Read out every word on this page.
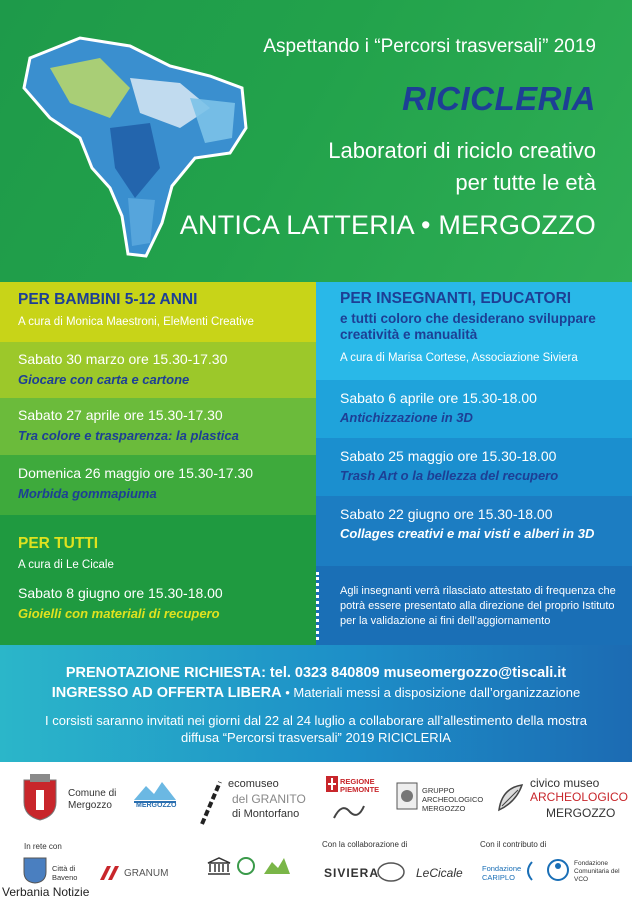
Aspettando i “Percorsi trasversali” 2019
RICICLERIA
Laboratori di riciclo creativo
per tutte le età
ANTICA LATTERIA • MERGOZZO
PER BAMBINI 5-12 ANNI
A cura di Monica Maestroni, EleMenti Creative
Sabato 30 marzo ore 15.30-17.30
Giocare con carta e cartone
Sabato 27 aprile ore 15.30-17.30
Tra colore e trasparenza: la plastica
Domenica 26 maggio ore 15.30-17.30
Morbida gommapiuma
PER TUTTI
A cura di Le Cicale
Sabato 8 giugno ore 15.30-18.00
Gioielli con materiali di recupero
PER INSEGNANTI, EDUCATORI
e tutti coloro che desiderano sviluppare creatività e manualità
A cura di Marisa Cortese, Associazione Siviera
Sabato 6 aprile ore 15.30-18.00
Antichizzazione in 3D
Sabato 25 maggio ore 15.30-18.00
Trash Art o la bellezza del recupero
Sabato 22 giugno ore 15.30-18.00
Collages creativi e mai visti e alberi in 3D
Agli insegnanti verrà rilasciato attestato di frequenza che potrà essere presentato alla direzione del proprio Istituto per la validazione ai fini dell’aggiornamento
PRENOTAZIONE RICHIESTA: tel. 0323 840809 museomergozzo@tiscali.it
INGRESSO AD OFFERTA LIBERA • Materiali messi a disposizione dall’organizzazione
I corsisti saranno invitati nei giorni dal 22 al 24 luglio a collaborare all’allestimento della mostra diffusa “Percorsi trasversali” 2019 RICICLERIA
Comune di Mergozzo	MERGOZZO
ecomuseo
del GRANITO
di Montorfano
REGIONE PIEMONTE	GRUPPO ARCHEOLOGICO MERGOZZO
civico museo
ARCHEOLOGICO
MERGOZZO
In rete con	Con la collaborazione di	Con il contributo di
Città di Baveno	GRANUM	SIVIERA	LeCicale	Fondazione CARIPLO
Fondazione Comunitaria del VCO
Verbania Notizie
